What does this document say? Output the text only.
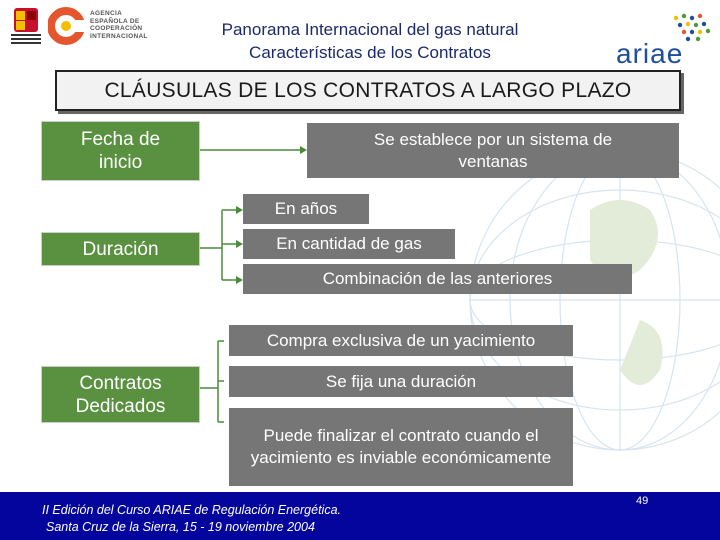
AGENCIA
ESPAÑOLA DE
COOPERACIÓN
INTERNACIONAL	Panorama Internacional del gas natural
Características de los Contratos	ariae
CLÁUSULAS DE LOS CONTRATOS A LARGO PLAZO
Fecha de
inicio
Se establece por un sistema de ventanas
Duración
En años
En cantidad de gas
Combinación de las anteriores
Contratos
Dedicados
Compra exclusiva de un yacimiento
Se fija una duración
Puede finalizar el contrato cuando el yacimiento es inviable económicamente
II Edición del Curso ARIAE de Regulación Energética.
Santa Cruz de la Sierra, 15 - 19 noviembre 2004
49
